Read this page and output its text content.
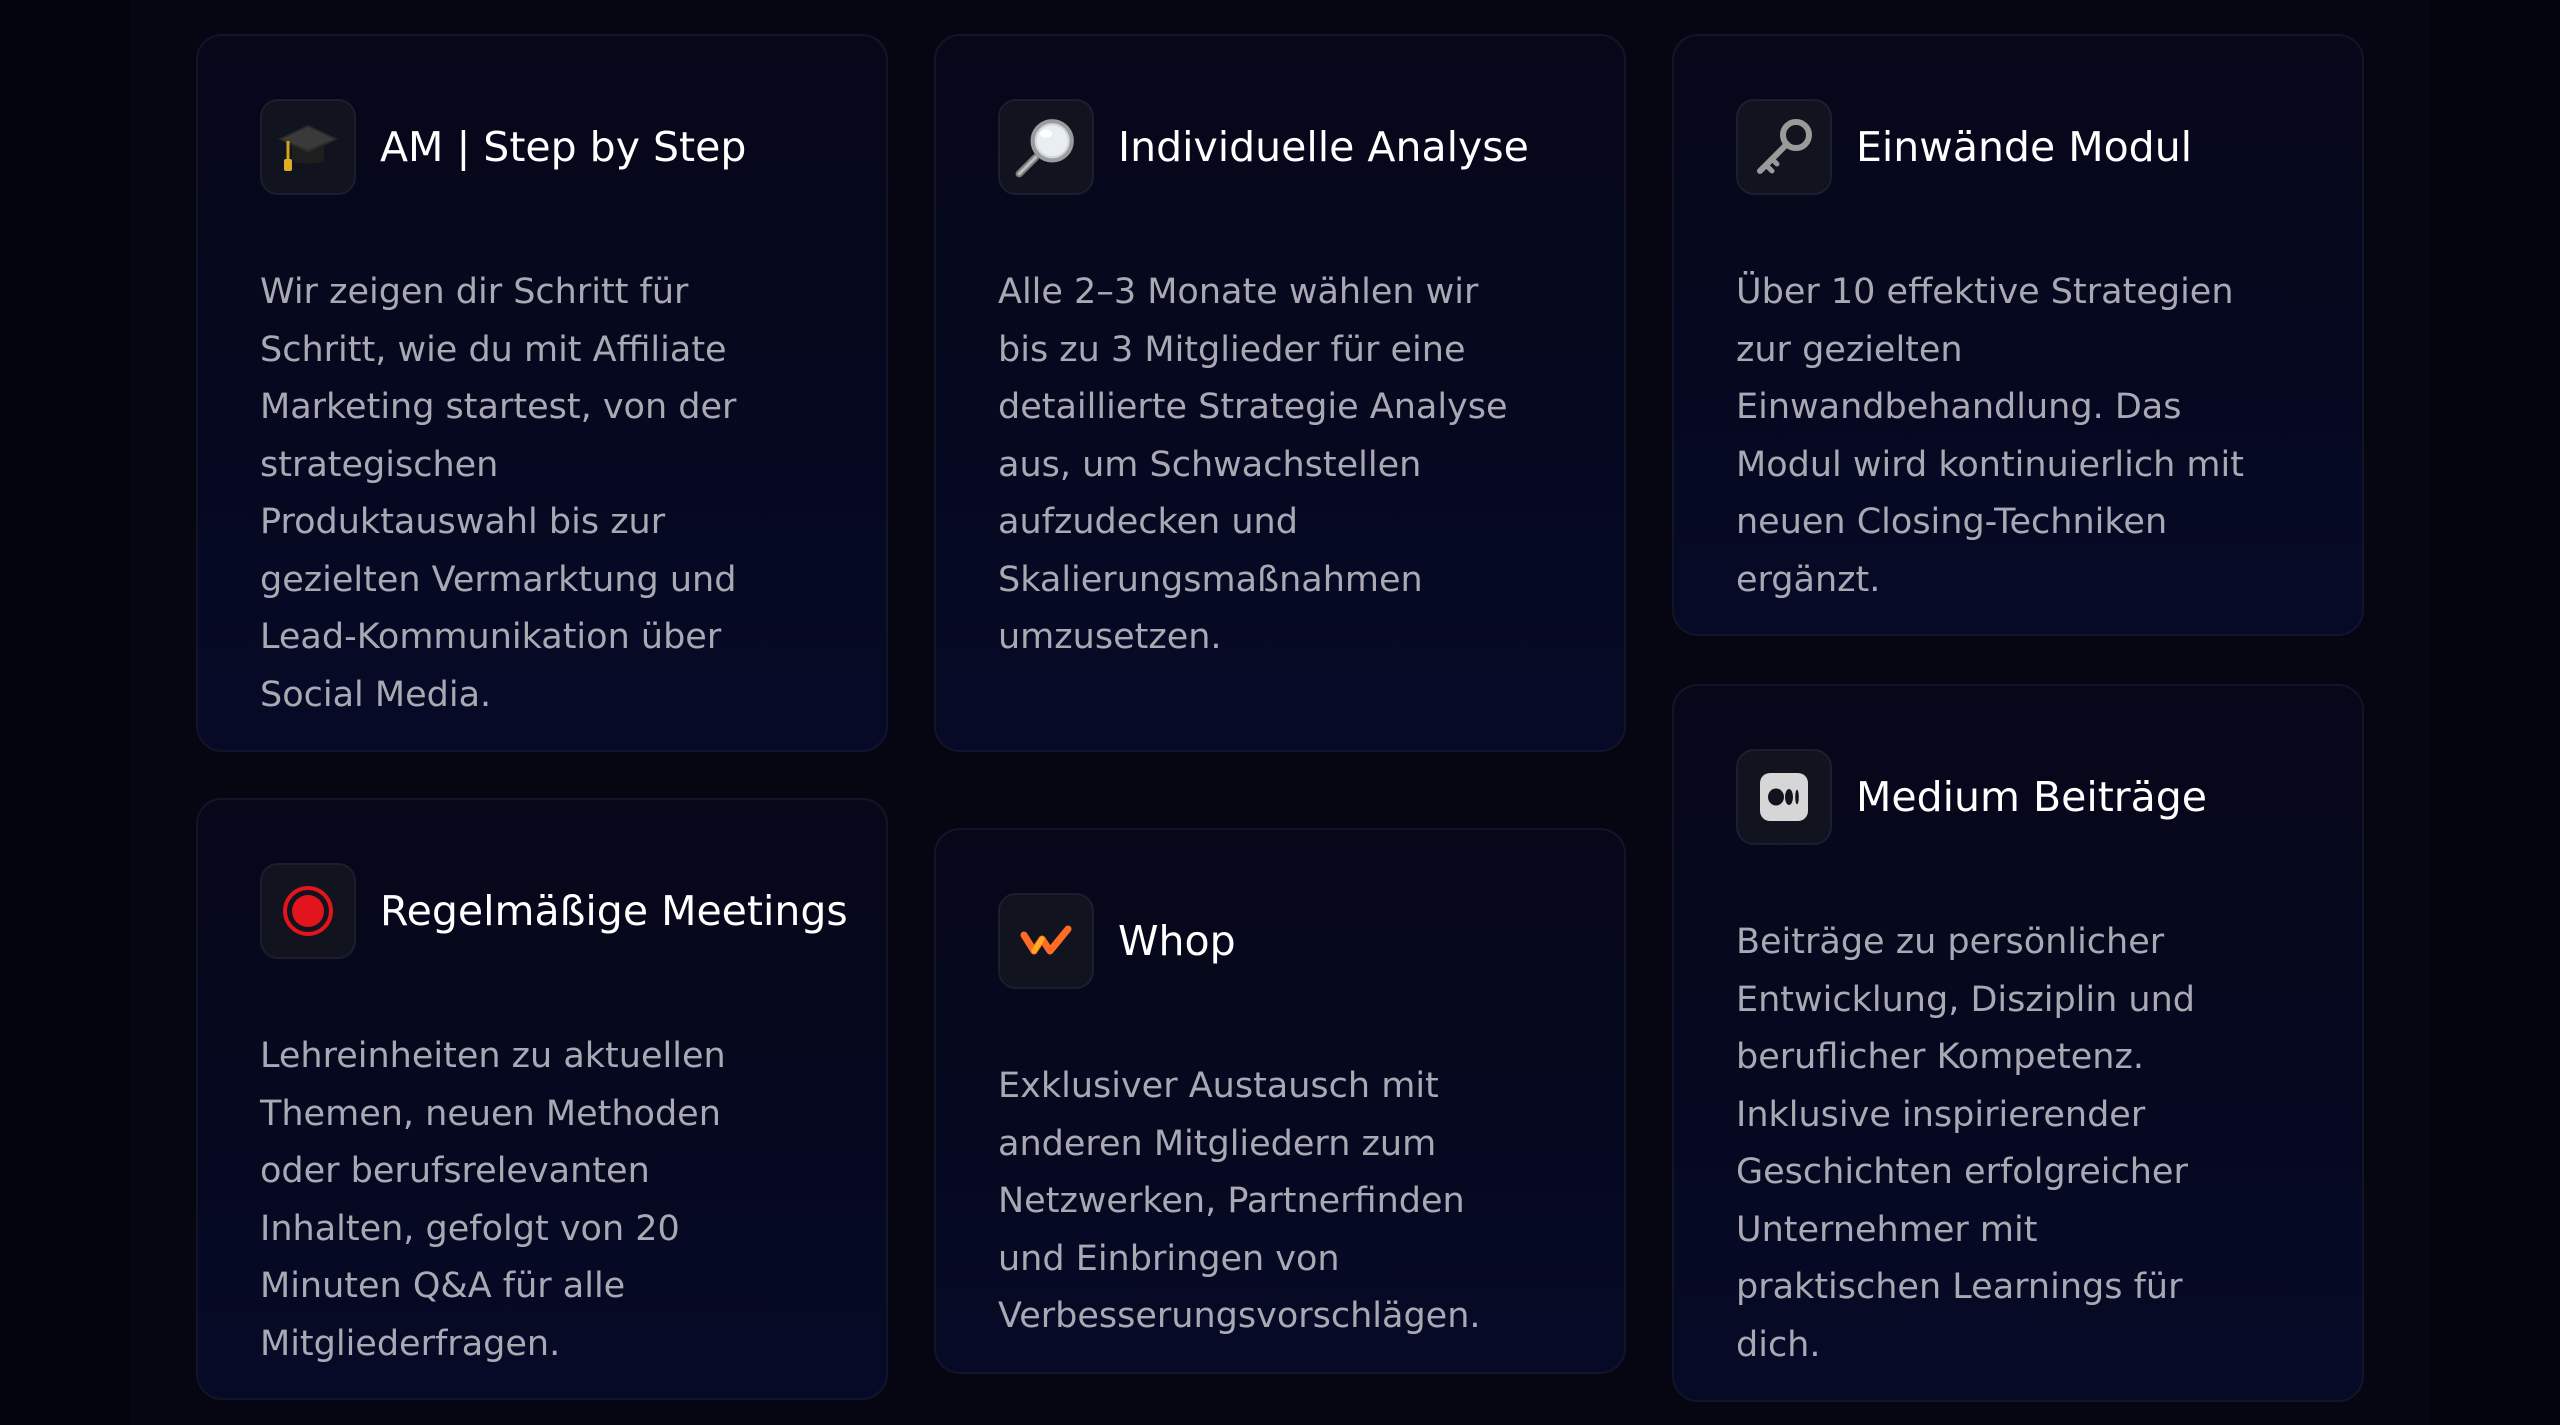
AM | Step by Step

Wir zeigen dir Schritt für Schritt, wie du mit Affiliate Marketing startest, von der strategischen Produktauswahl bis zur gezielten Vermarktung und Lead-Kommunikation über Social Media.

Individuelle Analyse

Alle 2–3 Monate wählen wir bis zu 3 Mitglieder für eine detaillierte Strategie Analyse aus, um Schwachstellen aufzudecken und Skalierungsmaßnahmen umzusetzen.

Einwände Modul

Über 10 effektive Strategien zur gezielten Einwandbehandlung. Das Modul wird kontinuierlich mit neuen Closing-Techniken ergänzt.

Regelmäßige Meetings

Lehreinheiten zu aktuellen Themen, neuen Methoden oder berufsrelevanten Inhalten, gefolgt von 20 Minuten Q&A für alle Mitgliederfragen.

Whop

Exklusiver Austausch mit anderen Mitgliedern zum Netzwerken, Partnerfinden und Einbringen von Verbesserungsvorschlägen.

Medium Beiträge

Beiträge zu persönlicher Entwicklung, Disziplin und beruflicher Kompetenz. Inklusive inspirierender Geschichten erfolgreicher Unternehmer mit praktischen Learnings für dich.
